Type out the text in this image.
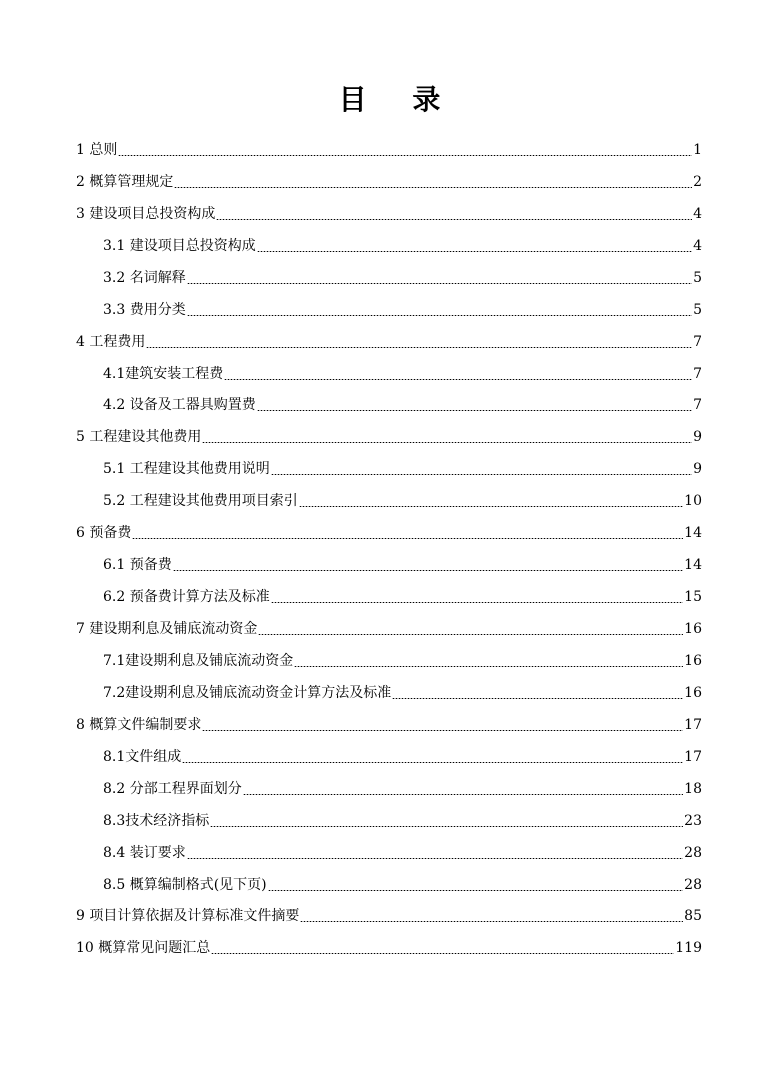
目 录
1 总则	1
2 概算管理规定	2
3 建设项目总投资构成	4
3.1 建设项目总投资构成	4
3.2 名词解释	5
3.3 费用分类	5
4 工程费用	7
4.1建筑安装工程费	7
4.2 设备及工器具购置费	7
5 工程建设其他费用	9
5.1 工程建设其他费用说明	9
5.2 工程建设其他费用项目索引	10
6 预备费	14
6.1 预备费	14
6.2 预备费计算方法及标准	15
7 建设期利息及铺底流动资金	16
7.1建设期利息及铺底流动资金	16
7.2建设期利息及铺底流动资金计算方法及标准	16
8 概算文件编制要求	17
8.1文件组成	17
8.2 分部工程界面划分	18
8.3技术经济指标	23
8.4 装订要求	28
8.5 概算编制格式(见下页)	28
9 项目计算依据及计算标准文件摘要	85
10 概算常见问题汇总	119
